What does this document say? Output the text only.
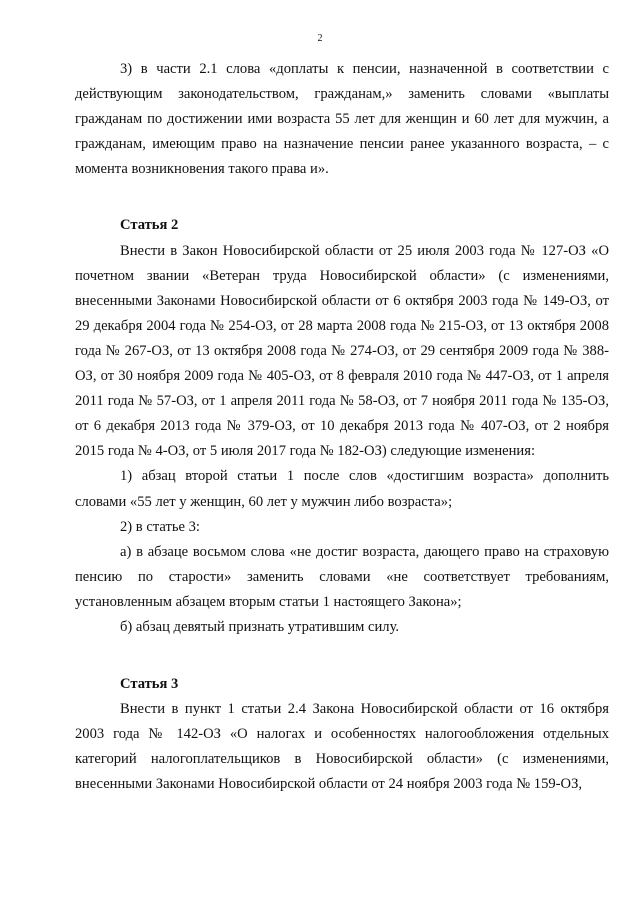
2

3) в части 2.1 слова «доплаты к пенсии, назначенной в соответствии с действующим законодательством, гражданам,» заменить словами «выплаты гражданам по достижении ими возраста 55 лет для женщин и 60 лет для мужчин, а гражданам, имеющим право на назначение пенсии ранее указанного возраста, – с момента возникновения такого права и».

Статья 2

Внести в Закон Новосибирской области от 25 июля 2003 года № 127-ОЗ «О почетном звании «Ветеран труда Новосибирской области» (с изменениями, внесенными Законами Новосибирской области от 6 октября 2003 года № 149-ОЗ, от 29 декабря 2004 года № 254-ОЗ, от 28 марта 2008 года № 215-ОЗ, от 13 октября 2008 года № 267-ОЗ, от 13 октября 2008 года № 274-ОЗ, от 29 сентября 2009 года № 388-ОЗ, от 30 ноября 2009 года № 405-ОЗ, от 8 февраля 2010 года № 447-ОЗ, от 1 апреля 2011 года № 57-ОЗ, от 1 апреля 2011 года № 58-ОЗ, от 7 ноября 2011 года № 135-ОЗ, от 6 декабря 2013 года № 379-ОЗ, от 10 декабря 2013 года № 407-ОЗ, от 2 ноября 2015 года № 4-ОЗ, от 5 июля 2017 года № 182-ОЗ) следующие изменения:

1) абзац второй статьи 1 после слов «достигшим возраста» дополнить словами «55 лет у женщин, 60 лет у мужчин либо возраста»;

2) в статье 3:

а) в абзаце восьмом слова «не достиг возраста, дающего право на страховую пенсию по старости» заменить словами «не соответствует требованиям, установленным абзацем вторым статьи 1 настоящего Закона»;

б) абзац девятый признать утратившим силу.

Статья 3

Внести в пункт 1 статьи 2.4 Закона Новосибирской области от 16 октября 2003 года № 142-ОЗ «О налогах и особенностях налогообложения отдельных категорий налогоплательщиков в Новосибирской области» (с изменениями, внесенными Законами Новосибирской области от 24 ноября 2003 года № 159-ОЗ,
